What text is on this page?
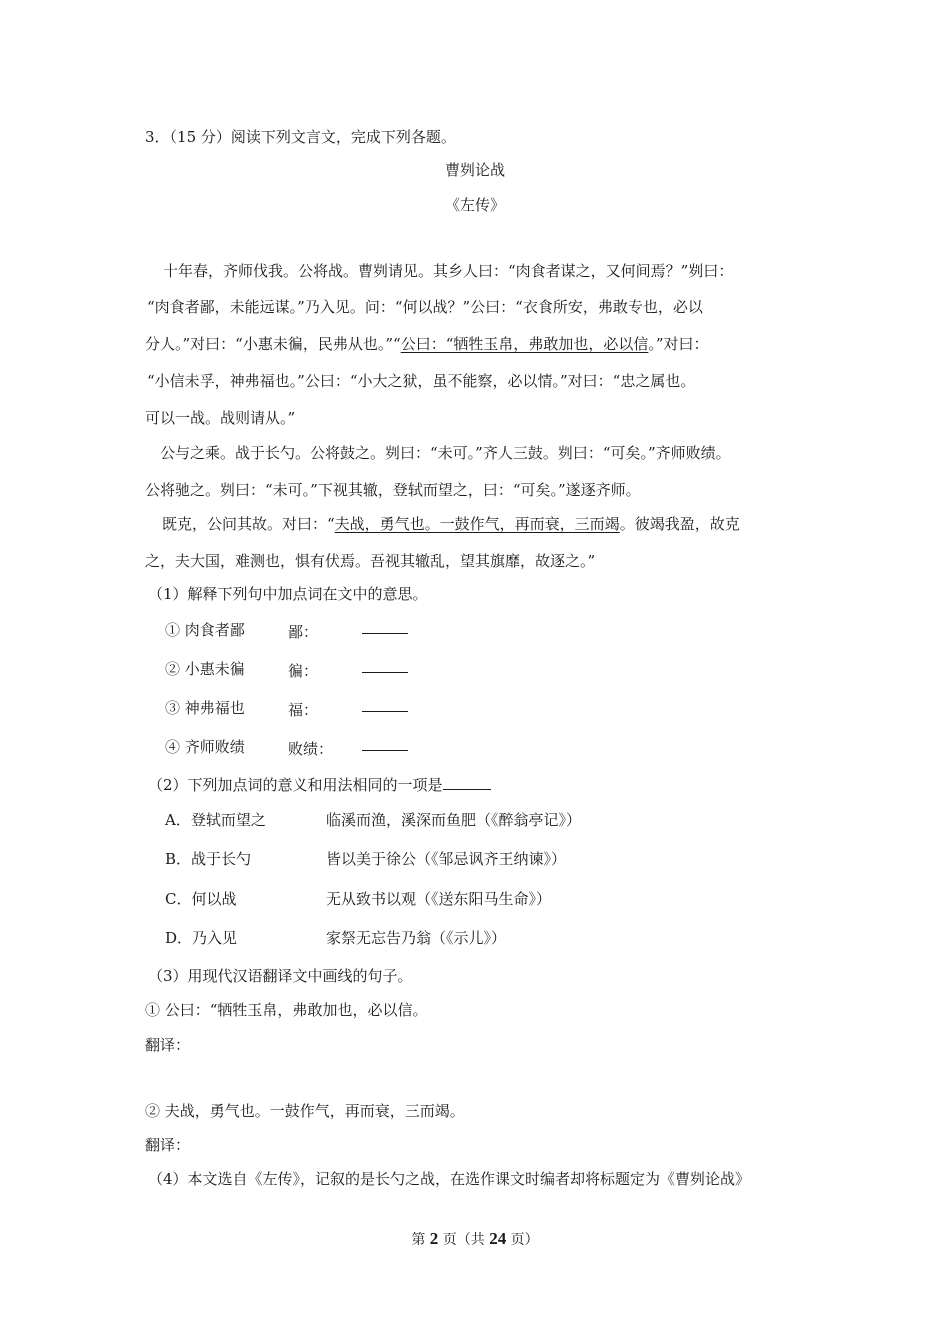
3．（15 分）阅读下列文言文，完成下列各题。
曹刿论战
《左传》
十年春，齐师伐我。公将战。曹刿请见。其乡人曰：“肉食者谋之，又何间焉？”刿曰：
“肉食者鄙，未能远谋。”乃入见。问：“何以战？”公曰：“衣食所安，弗敢专也，必以
分人。”对曰：“小惠未徧，民弗从也。”“公曰：“牺牲玉帛，弗敢加也，必以信。”对曰：
“小信未孚，神弗福也。”公曰：“小大之狱，虽不能察，必以情。”对曰：“忠之属也。
可以一战。战则请从。”
公与之乘。战于长勺。公将鼓之。刿曰：“未可。”齐人三鼓。刿曰：“可矣。”齐师败绩。
公将驰之。刿曰：“未可。”下视其辙，登轼而望之，曰：“可矣。”遂逐齐师。
既克，公问其故。对曰：“夫战，勇气也。一鼓作气，再而衰，三而竭。彼竭我盈，故克
之，夫大国，难测也，惧有伏焉。吾视其辙乱，望其旗靡，故逐之。”
（1）解释下列句中加点词在文中的意思。
① 肉食者鄙	鄙：
② 小惠未徧	徧：
③ 神弗福也	福：
④ 齐师败绩	败绩：
（2）下列加点词的意义和用法相同的一项是
A．登轼而望之	临溪而渔，溪深而鱼肥（《醉翁亭记》）
B．战于长勺	皆以美于徐公（《邹忌讽齐王纳谏》）
C．何以战	无从致书以观（《送东阳马生命》）
D．乃入见	家祭无忘告乃翁（《示儿》）
（3）用现代汉语翻译文中画线的句子。
① 公曰：“牺牲玉帛，弗敢加也，必以信。
翻译：
② 夫战，勇气也。一鼓作气，再而衰，三而竭。
翻译：
（4）本文选自《左传》，记叙的是长勺之战，在选作课文时编者却将标题定为《曹刿论战》
第 2 页（共 24 页）
